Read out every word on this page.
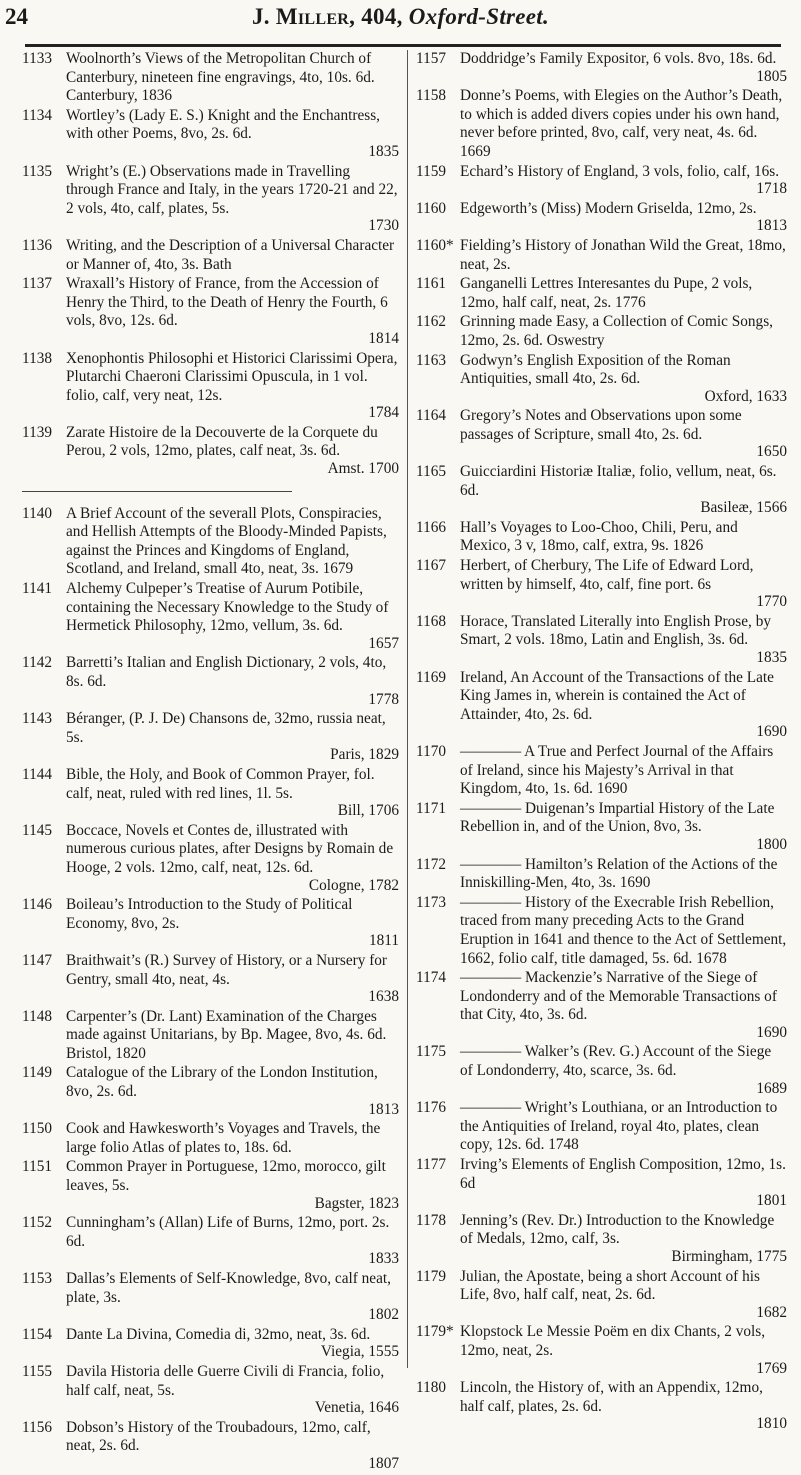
24	J. Miller, 404, Oxford-Street.
1133 Woolnorth’s Views of the Metropolitan Church of Canterbury, nineteen fine engravings, 4to, 10s. 6d. Canterbury, 1836
1134 Wortley’s (Lady E. S.) Knight and the Enchantress, with other Poems, 8vo, 2s. 6d.
1835
1135 Wright’s (E.) Observations made in Travelling through France and Italy, in the years 1720-21 and 22, 2 vols, 4to, calf, plates, 5s.
1730
1136 Writing, and the Description of a Universal Character or Manner of, 4to, 3s. Bath
1137 Wraxall’s History of France, from the Accession of Henry the Third, to the Death of Henry the Fourth, 6 vols, 8vo, 12s. 6d.
1814
1138 Xenophontis Philosophi et Historici Clarissimi Opera, Plutarchi Chaeroni Clarissimi Opuscula, in 1 vol. folio, calf, very neat, 12s.
1784
1139 Zarate Histoire de la Decouverte de la Corquete du Perou, 2 vols, 12mo, plates, calf neat, 3s. 6d.
Amst. 1700
1140 A Brief Account of the severall Plots, Conspiracies, and Hellish Attempts of the Bloody-Minded Papists, against the Princes and Kingdoms of England, Scotland, and Ireland, small 4to, neat, 3s. 1679
1141 Alchemy Culpeper’s Treatise of Aurum Potibile, containing the Necessary Knowledge to the Study of Hermetick Philosophy, 12mo, vellum, 3s. 6d.
1657
1142 Barretti’s Italian and English Dictionary, 2 vols, 4to, 8s. 6d.
1778
1143 Béranger, (P. J. De) Chansons de, 32mo, russia neat, 5s.
Paris, 1829
1144 Bible, the Holy, and Book of Common Prayer, fol. calf, neat, ruled with red lines, 1l. 5s.
Bill, 1706
1145 Boccace, Novels et Contes de, illustrated with numerous curious plates, after Designs by Romain de Hooge, 2 vols. 12mo, calf, neat, 12s. 6d.
Cologne, 1782
1146 Boileau’s Introduction to the Study of Political Economy, 8vo, 2s.
1811
1147 Braithwait’s (R.) Survey of History, or a Nursery for Gentry, small 4to, neat, 4s.
1638
1148 Carpenter’s (Dr. Lant) Examination of the Charges made against Unitarians, by Bp. Magee, 8vo, 4s. 6d. Bristol, 1820
1149 Catalogue of the Library of the London Institution, 8vo, 2s. 6d.
1813
1150 Cook and Hawkesworth’s Voyages and Travels, the large folio Atlas of plates to, 18s. 6d.
1151 Common Prayer in Portuguese, 12mo, morocco, gilt leaves, 5s.
Bagster, 1823
1152 Cunningham’s (Allan) Life of Burns, 12mo, port. 2s. 6d.
1833
1153 Dallas’s Elements of Self-Knowledge, 8vo, calf neat, plate, 3s.
1802
1154 Dante La Divina, Comedia di, 32mo, neat, 3s. 6d.
Viegia, 1555
1155 Davila Historia delle Guerre Civili di Francia, folio, half calf, neat, 5s.
Venetia, 1646
1156 Dobson’s History of the Troubadours, 12mo, calf, neat, 2s. 6d.
1807
1157 Doddridge’s Family Expositor, 6 vols. 8vo, 18s. 6d.
1805
1158 Donne’s Poems, with Elegies on the Author’s Death, to which is added divers copies under his own hand, never before printed, 8vo, calf, very neat, 4s. 6d. 1669
1159 Echard’s History of England, 3 vols, folio, calf, 16s.
1718
1160 Edgeworth’s (Miss) Modern Griselda, 12mo, 2s.
1813
1160* Fielding’s History of Jonathan Wild the Great, 18mo, neat, 2s.
1161 Ganganelli Lettres Interesantes du Pupe, 2 vols, 12mo, half calf, neat, 2s. 1776
1162 Grinning made Easy, a Collection of Comic Songs, 12mo, 2s. 6d. Oswestry
1163 Godwyn’s English Exposition of the Roman Antiquities, small 4to, 2s. 6d.
Oxford, 1633
1164 Gregory’s Notes and Observations upon some passages of Scripture, small 4to, 2s. 6d.
1650
1165 Guicciardini Historiæ Italiæ, folio, vellum, neat, 6s. 6d.
Basileæ, 1566
1166 Hall’s Voyages to Loo-Choo, Chili, Peru, and Mexico, 3 v, 18mo, calf, extra, 9s. 1826
1167 Herbert, of Cherbury, The Life of Edward Lord, written by himself, 4to, calf, fine port. 6s
1770
1168 Horace, Translated Literally into English Prose, by Smart, 2 vols. 18mo, Latin and English, 3s. 6d.
1835
1169 Ireland, An Account of the Transactions of the Late King James in, wherein is contained the Act of Attainder, 4to, 2s. 6d.
1690
1170 ———— A True and Perfect Journal of the Affairs of Ireland, since his Majesty’s Arrival in that Kingdom, 4to, 1s. 6d. 1690
1171 ———— Duigenan’s Impartial History of the Late Rebellion in, and of the Union, 8vo, 3s.
1800
1172 ———— Hamilton’s Relation of the Actions of the Inniskilling-Men, 4to, 3s. 1690
1173 ———— History of the Execrable Irish Rebellion, traced from many preceding Acts to the Grand Eruption in 1641 and thence to the Act of Settlement, 1662, folio calf, title damaged, 5s. 6d. 1678
1174 ———— Mackenzie’s Narrative of the Siege of Londonderry and of the Memorable Transactions of that City, 4to, 3s. 6d.
1690
1175 ———— Walker’s (Rev. G.) Account of the Siege of Londonderry, 4to, scarce, 3s. 6d.
1689
1176 ———— Wright’s Louthiana, or an Introduction to the Antiquities of Ireland, royal 4to, plates, clean copy, 12s. 6d. 1748
1177 Irving’s Elements of English Composition, 12mo, 1s. 6d
1801
1178 Jenning’s (Rev. Dr.) Introduction to the Knowledge of Medals, 12mo, calf, 3s.
Birmingham, 1775
1179 Julian, the Apostate, being a short Account of his Life, 8vo, half calf, neat, 2s. 6d.
1682
1179* Klopstock Le Messie Poëm en dix Chants, 2 vols, 12mo, neat, 2s.
1769
1180 Lincoln, the History of, with an Appendix, 12mo, half calf, plates, 2s. 6d.
1810
